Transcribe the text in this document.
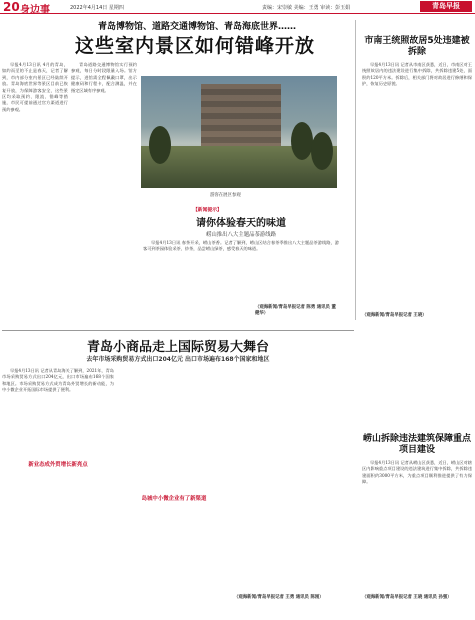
20 身边事	2022年4月14日 星期四	责编：宋崇敏 美编：王勇 审读：彭玉娟	青岛早报
青岛博物馆、道路交通博物馆、青岛海底世界……
这些室内景区如何错峰开放

早报4月13日讯 4月的青岛，如约而至的不止是春天，记者了解到，市内部分室内景区已经陆续开放。青岛海底世界等景区目前已恢复开放，为保障游客安全，这些景区均采取预约、限流、错峰等措施，市民可提前通过官方渠道进行预约参观。

青岛道路交通博物馆实行预约参观，每日分时段限量入场。馆方提示，进馆需全程佩戴口罩，出示健康码和行程卡，配合测温，并在指定区域有序参观。

游客在展区参观
【新闻提示】
请你体验春天的味道
崂山推出八大主题品茶游线路

早报4月13日讯 春茶开采，崂山茶香。记者了解到，崂山区结合春茶季推出八大主题品茶游线路，游客可到茶园体验采茶、炒茶，品尝崂山绿茶，感受春天的味道。

（观海新闻/青岛早报记者 陈勇 通讯员 董健华）
市南王统照故居5处违建被拆除

早报4月13日讯 记者从市南区获悉，近日，市南区对王统照故居内的违法建设进行集中拆除，共拆除违建5处，面积约120平方米。拆除后，相关部门将对故居进行修缮和保护，恢复历史原貌。

（观海新闻/青岛早报记者 王晓）
青岛小商品走上国际贸易大舞台
去年市场采购贸易方式出口204亿元 出口市场遍布168个国家和地区

早报4月13日讯 记者从青岛海关了解到，2021年，青岛市场采购贸易方式出口204亿元，出口市场遍布168个国家和地区。市场采购贸易方式成为青岛外贸增长的新动能，为中小微企业开拓国际市场提供了便利。

新业态成外贸增长新亮点
岛城中小微企业有了新渠道
（观海新闻/青岛早报记者 王勇 通讯员 陈刚）
崂山拆除违法建筑保障重点项目建设

早报4月13日讯 记者从崂山区获悉，近日，崂山区对辖区内影响重点项目建设的违法建筑进行集中拆除，共拆除违建面积约3000平方米，为重点项目顺利推进提供了有力保障。

（观海新闻/青岛早报记者 王晓 通讯员 孙强）
